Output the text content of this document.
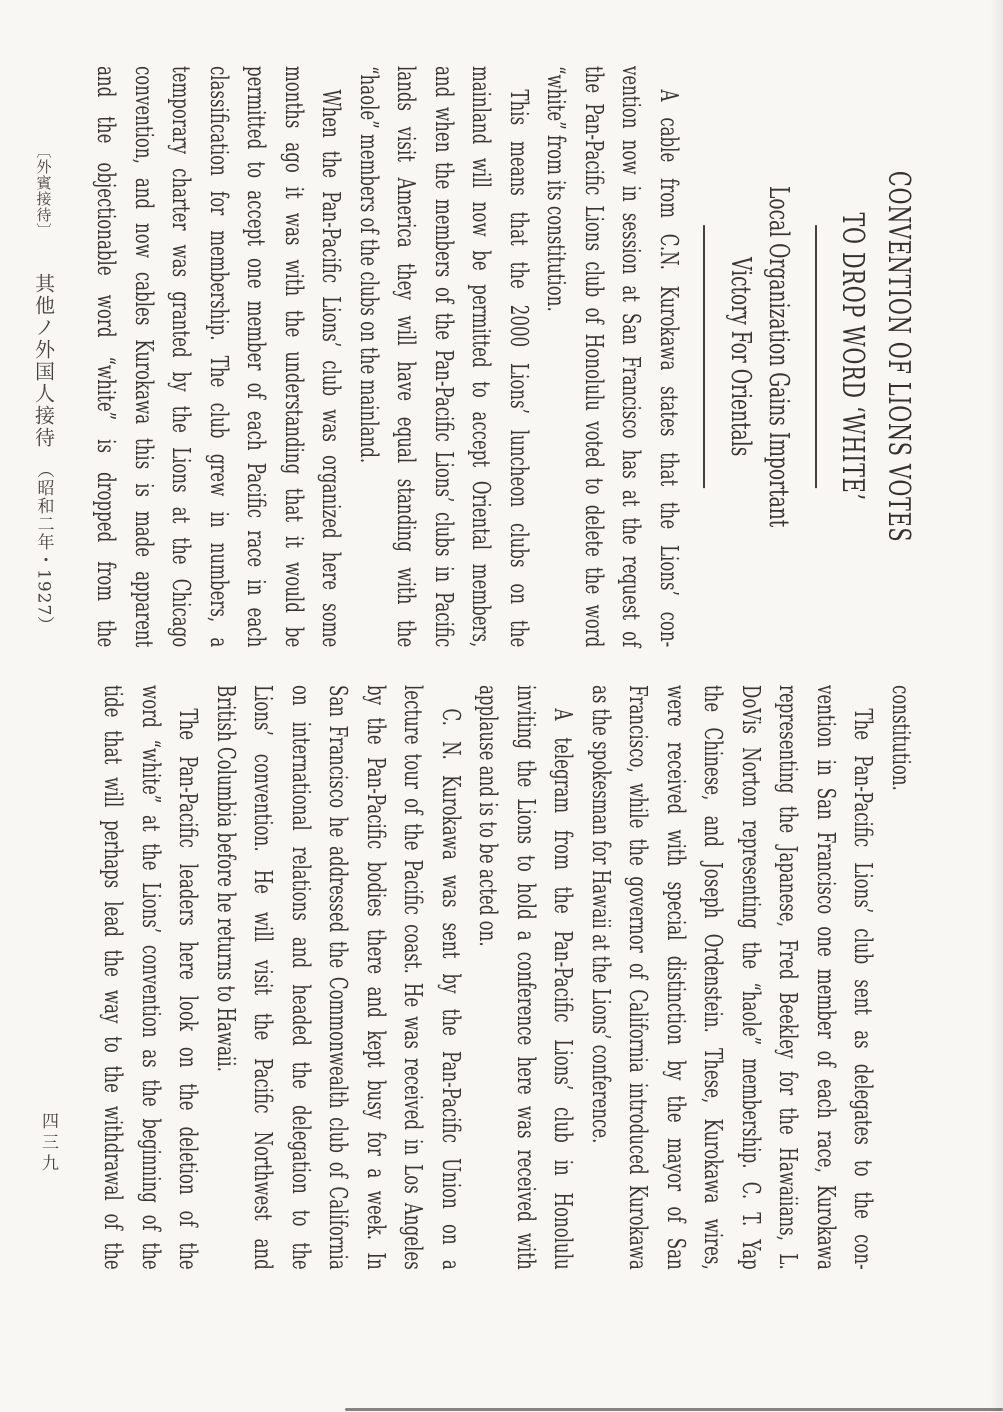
CONVENTION OF LIONS VOTES
TO DROP WORD ‘WHITE’
Local Organization Gains Important
Victory For Orientals
A cable from C.N. Kurokawa states that the Lions’ con-
vention now in session at San Francisco has at the request of
the Pan-Pacific Lions club of Honolulu voted to delete the word
“white” from its constitution.
This means that the 2000 Lions’ luncheon clubs on the
mainland will now be permitted to accept Oriental members,
and when the members of the Pan-Pacific Lions’ clubs in Pacific
lands visit America they will have equal standing with the
“haole” members of the clubs on the mainland.
When the Pan-Pacific Lions’ club was organized here some
months ago it was with the understanding that it would be
permitted to accept one member of each Pacific race in each
classification for membership. The club grew in numbers, a
temporary charter was granted by the Lions at the Chicago
convention, and now cables Kurokawa this is made apparent
and the objectionable word “white” is dropped from the
constitution.
The Pan-Pacific Lions’ club sent as delegates to the con-
vention in San Francisco one member of each race, Kurokawa
representing the Japanese, Fred Beekley for the Hawaiians, L.
DoVis Norton representing the “haole” membership. C. T. Yap
the Chinese, and Joseph Ordenstein. These, Kurokawa wires,
were received with special distinction by the mayor of San
Francisco, while the governor of California introduced Kurokawa
as the spokesman for Hawaii at the Lions’ conference.
A telegram from the Pan-Pacific Lions’ club in Honolulu
inviting the Lions to hold a conference here was received with
applause and is to be acted on.
C. N. Kurokawa was sent by the Pan-Pacific Union on a
lecture tour of the Pacific coast. He was received in Los Angeles
by the Pan-Pacific bodies there and kept busy for a week. In
San Francisco he addressed the Commonwealth club of California
on international relations and headed the delegation to the
Lions’ convention. He will visit the Pacific Northwest and
British Columbia before he returns to Hawaii.
The Pan-Pacific leaders here look on the deletion of the
word “white” at the Lions’ convention as the beginning of the
tide that will perhaps lead the way to the withdrawal of the
〔外賓接待〕
其他ノ外国人接待
（昭和二年・1927）
四三九
